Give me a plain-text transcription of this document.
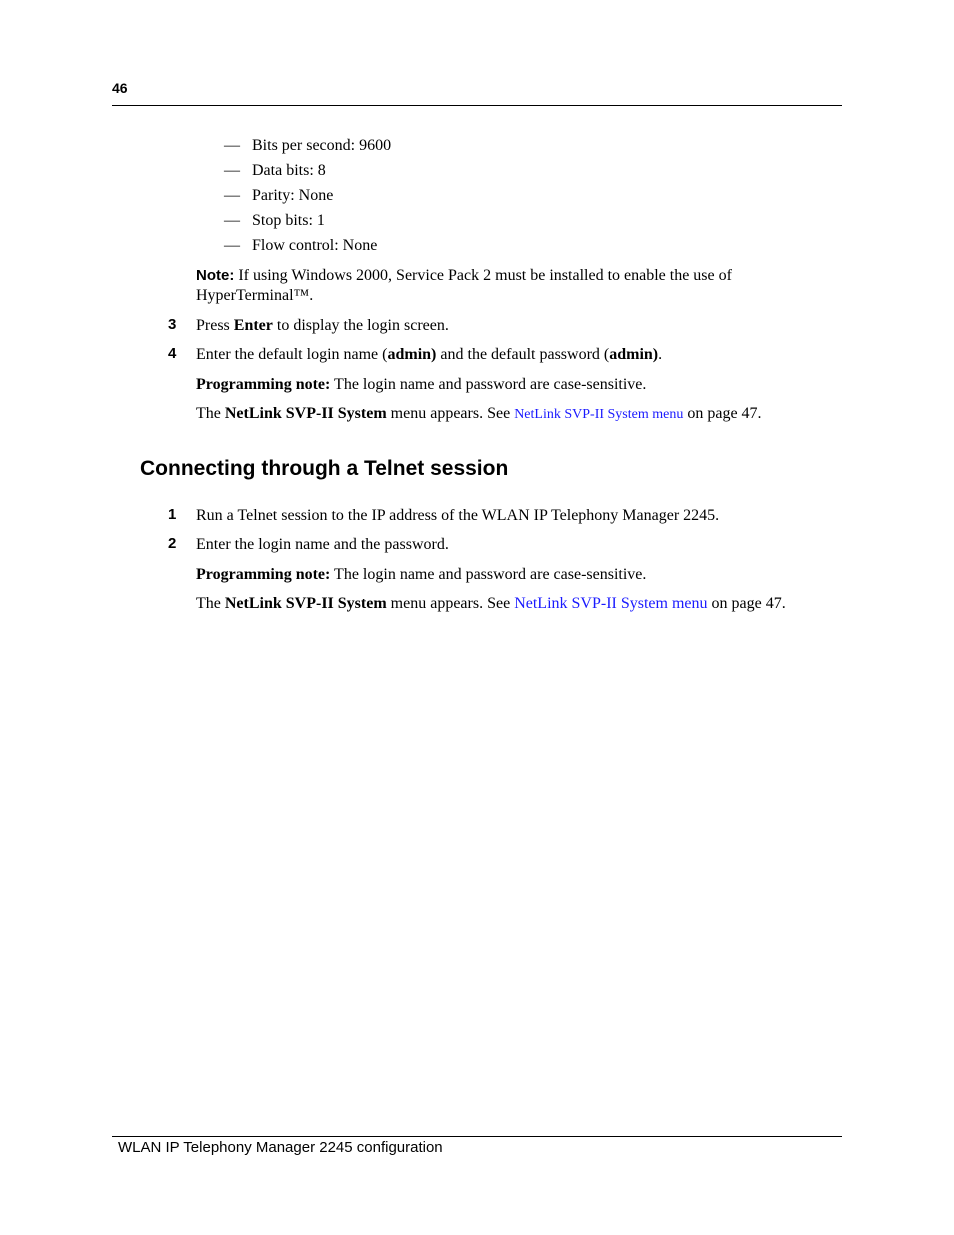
46
— Bits per second: 9600
— Data bits: 8
— Parity: None
— Stop bits: 1
— Flow control: None
Note: If using Windows 2000, Service Pack 2 must be installed to enable the use of
HyperTerminal™.
3 Press Enter to display the login screen.
4 Enter the default login name (admin) and the default password (admin).
Programming note: The login name and password are case-sensitive.
The NetLink SVP-II System menu appears. See NetLink SVP-II System menu on page 47.
Connecting through a Telnet session
1 Run a Telnet session to the IP address of the WLAN IP Telephony Manager 2245.
2 Enter the login name and the password.
Programming note: The login name and password are case-sensitive.
The NetLink SVP-II System menu appears. See NetLink SVP-II System menu on page 47.
WLAN IP Telephony Manager 2245 configuration
